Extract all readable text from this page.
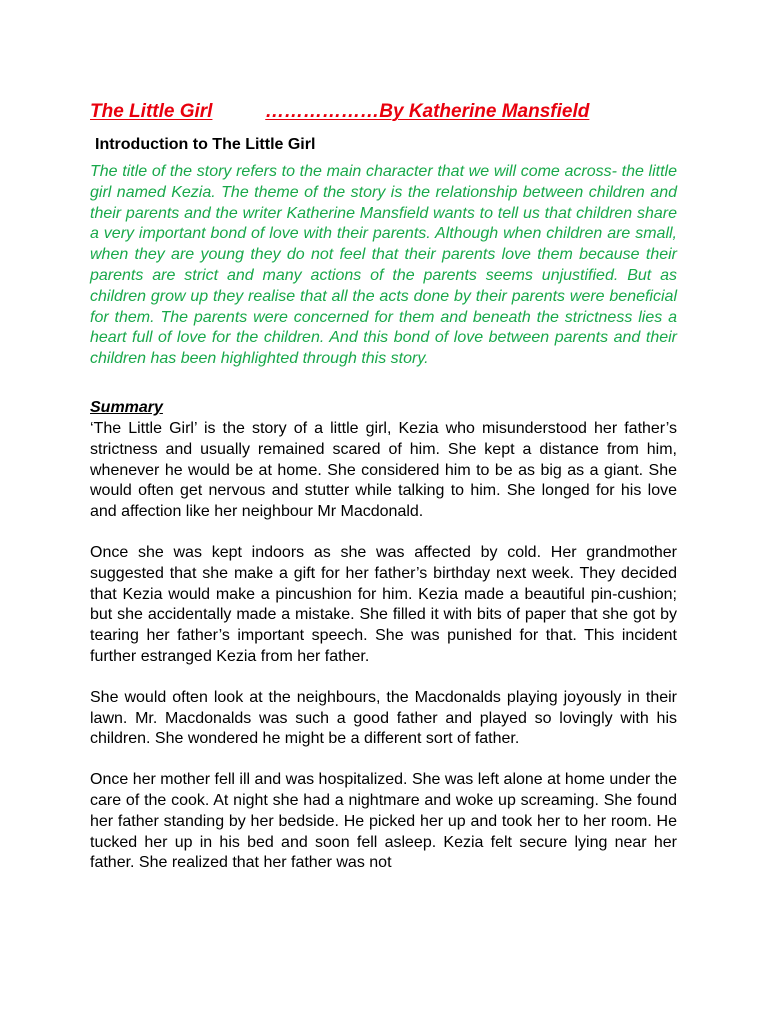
The Little Girl	………………By Katherine Mansfield
Introduction to The Little Girl
The title of the story refers to the main character that we will come across- the little girl named Kezia. The theme of the story is the relationship between children and their parents and the writer Katherine Mansfield wants to tell us that children share a very important bond of love with their parents. Although when children are small, when they are young they do not feel that their parents love them because their parents are strict and many actions of the parents seems unjustified. But as children grow up they realise that all the acts done by their parents were beneficial for them. The parents were concerned for them and beneath the strictness lies a heart full of love for the children. And this bond of love between parents and their children has been highlighted through this story.
Summary

‘The Little Girl’ is the story of a little girl, Kezia who misunderstood her father’s strictness and usually remained scared of him. She kept a distance from him, whenever he would be at home. She considered him to be as big as a giant. She would often get nervous and stutter while talking to him. She longed for his love and affection like her neighbour Mr Macdonald.

Once she was kept indoors as she was affected by cold. Her grandmother suggested that she make a gift for her father’s birthday next week. They decided that Kezia would make a pincushion for him. Kezia made a beautiful pin-cushion; but she accidentally made a mistake. She filled it with bits of paper that she got by tearing her father’s important speech. She was punished for that. This incident further estranged Kezia from her father.

She would often look at the neighbours, the Macdonalds playing joyously in their lawn. Mr. Macdonalds was such a good father and played so lovingly with his children. She wondered he might be a different sort of father.

Once her mother fell ill and was hospitalized. She was left alone at home under the care of the cook. At night she had a nightmare and woke up screaming. She found her father standing by her bedside. He picked her up and took her to her room. He tucked her up in his bed and soon fell asleep. Kezia felt secure lying near her father. She realized that her father was not
